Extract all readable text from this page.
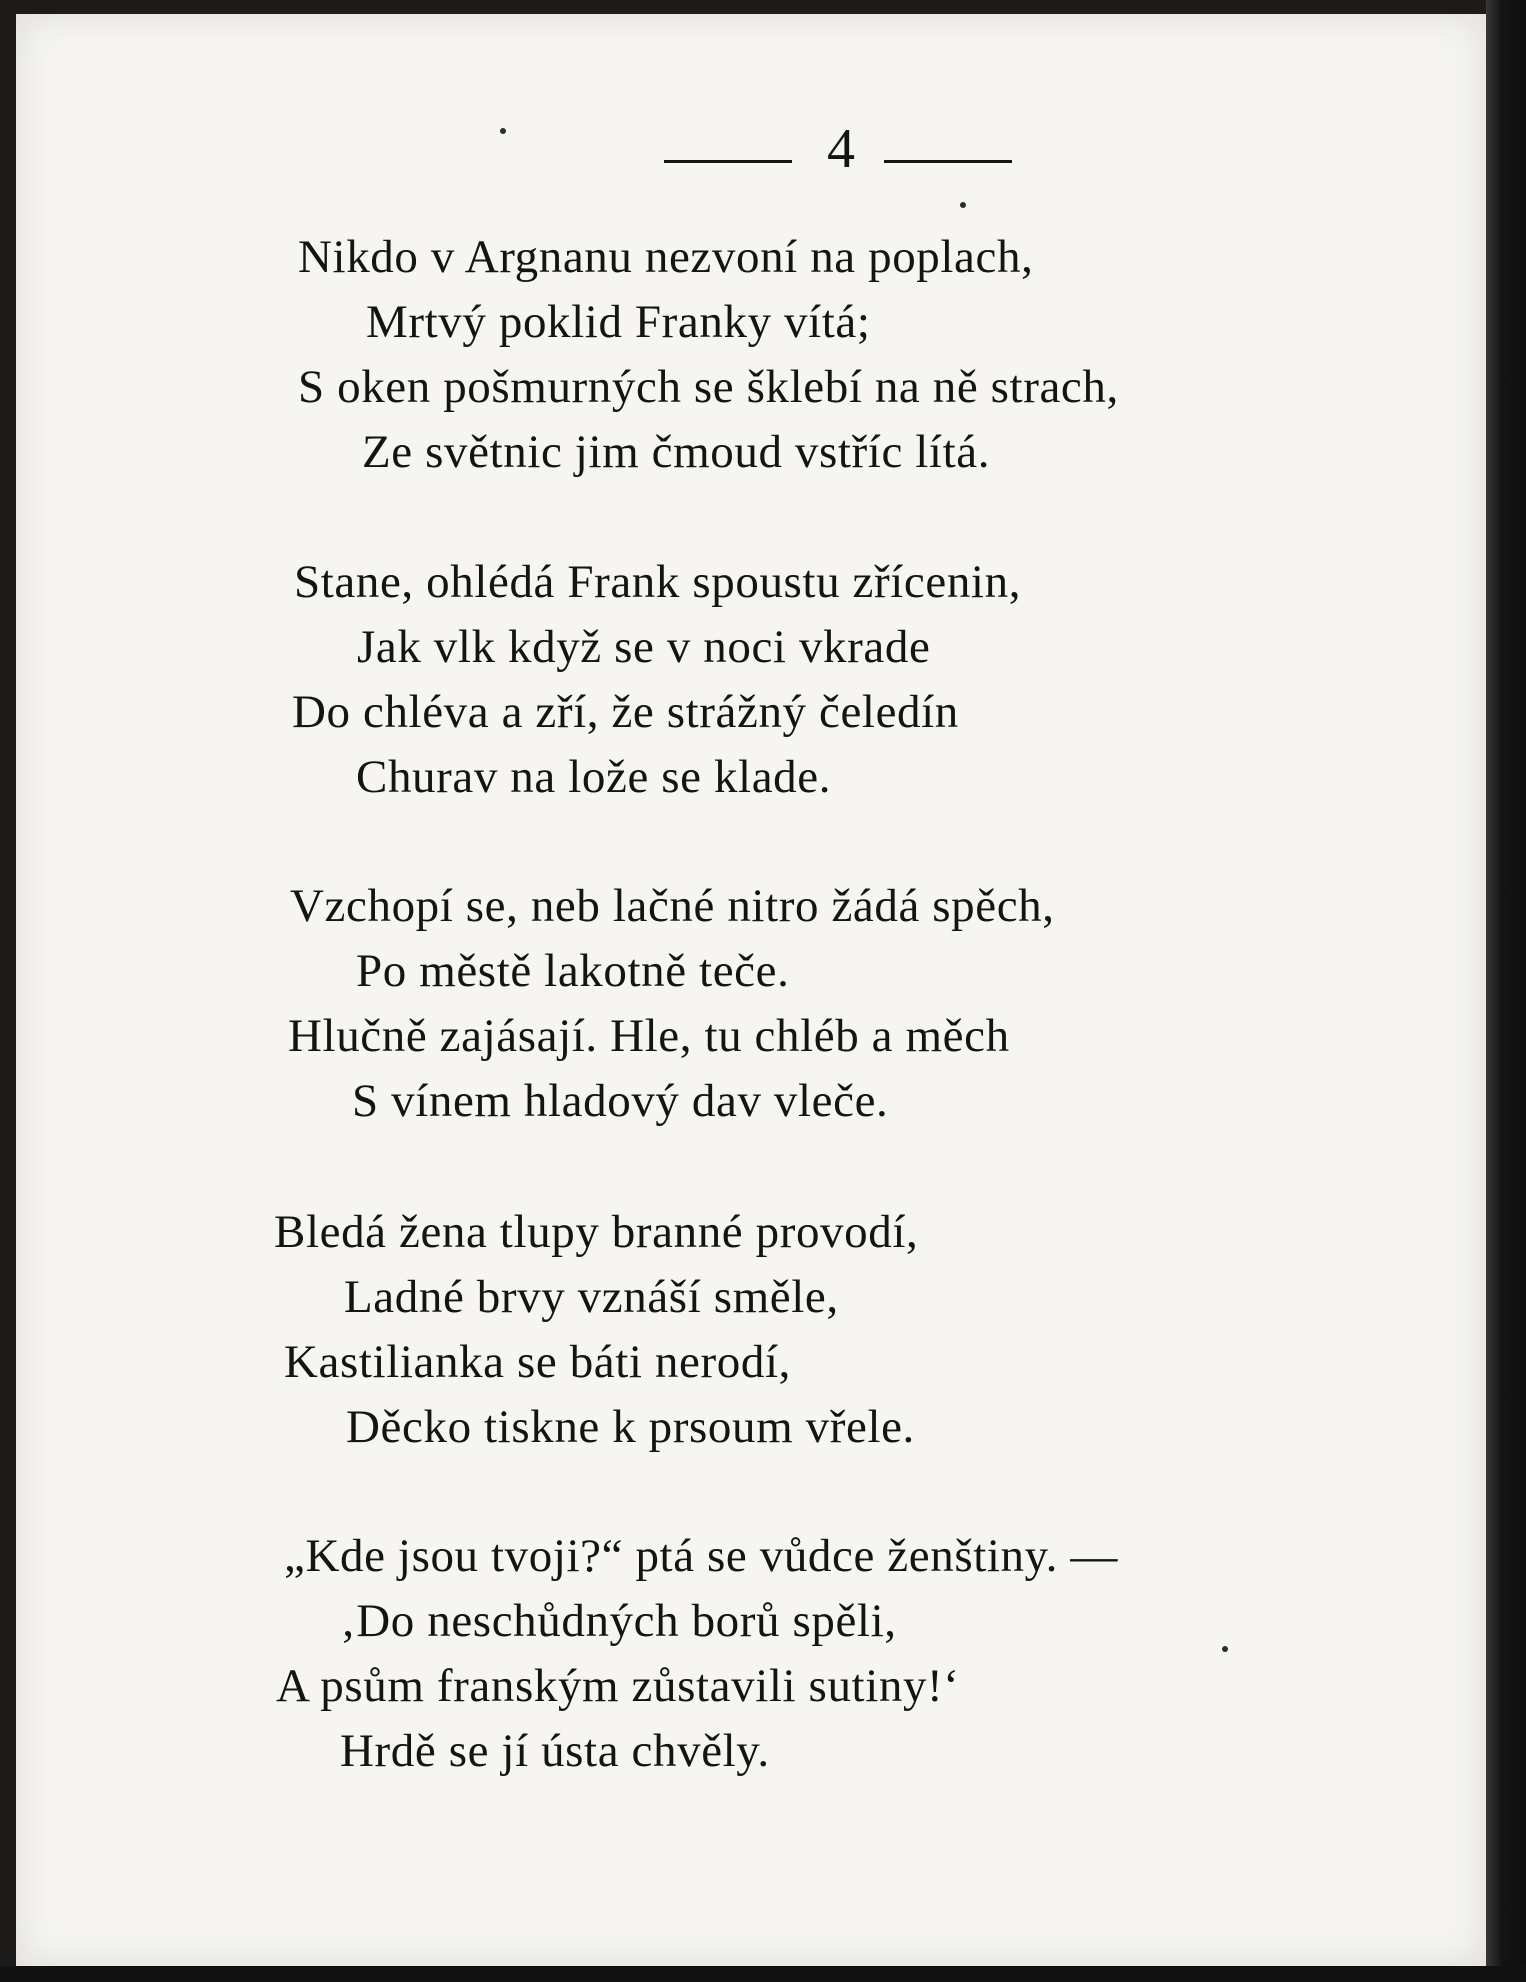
4

Nikdo v Argnanu nezvoní na poplach,

Mrtvý poklid Franky vítá;

S oken pošmurných se šklebí na ně strach,

Ze světnic jim čmoud vstříc lítá.

Stane, ohlédá Frank spoustu zřícenin,

Jak vlk když se v noci vkrade

Do chléva a zří, že strážný čeledín

Churav na lože se klade.

Vzchopí se, neb lačné nitro žádá spěch,

Po městě lakotně teče.

Hlučně zajásají. Hle, tu chléb a měch

S vínem hladový dav vleče.

Bledá žena tlupy branné provodí,

Ladné brvy vznáší směle,

Kastilianka se báti nerodí,

Děcko tiskne k prsoum vřele.

„Kde jsou tvoji?“ ptá se vůdce ženštiny. —

‚Do neschůdných borů spěli,

A psům franským zůstavili sutiny!‘

Hrdě se jí ústa chvěly.
